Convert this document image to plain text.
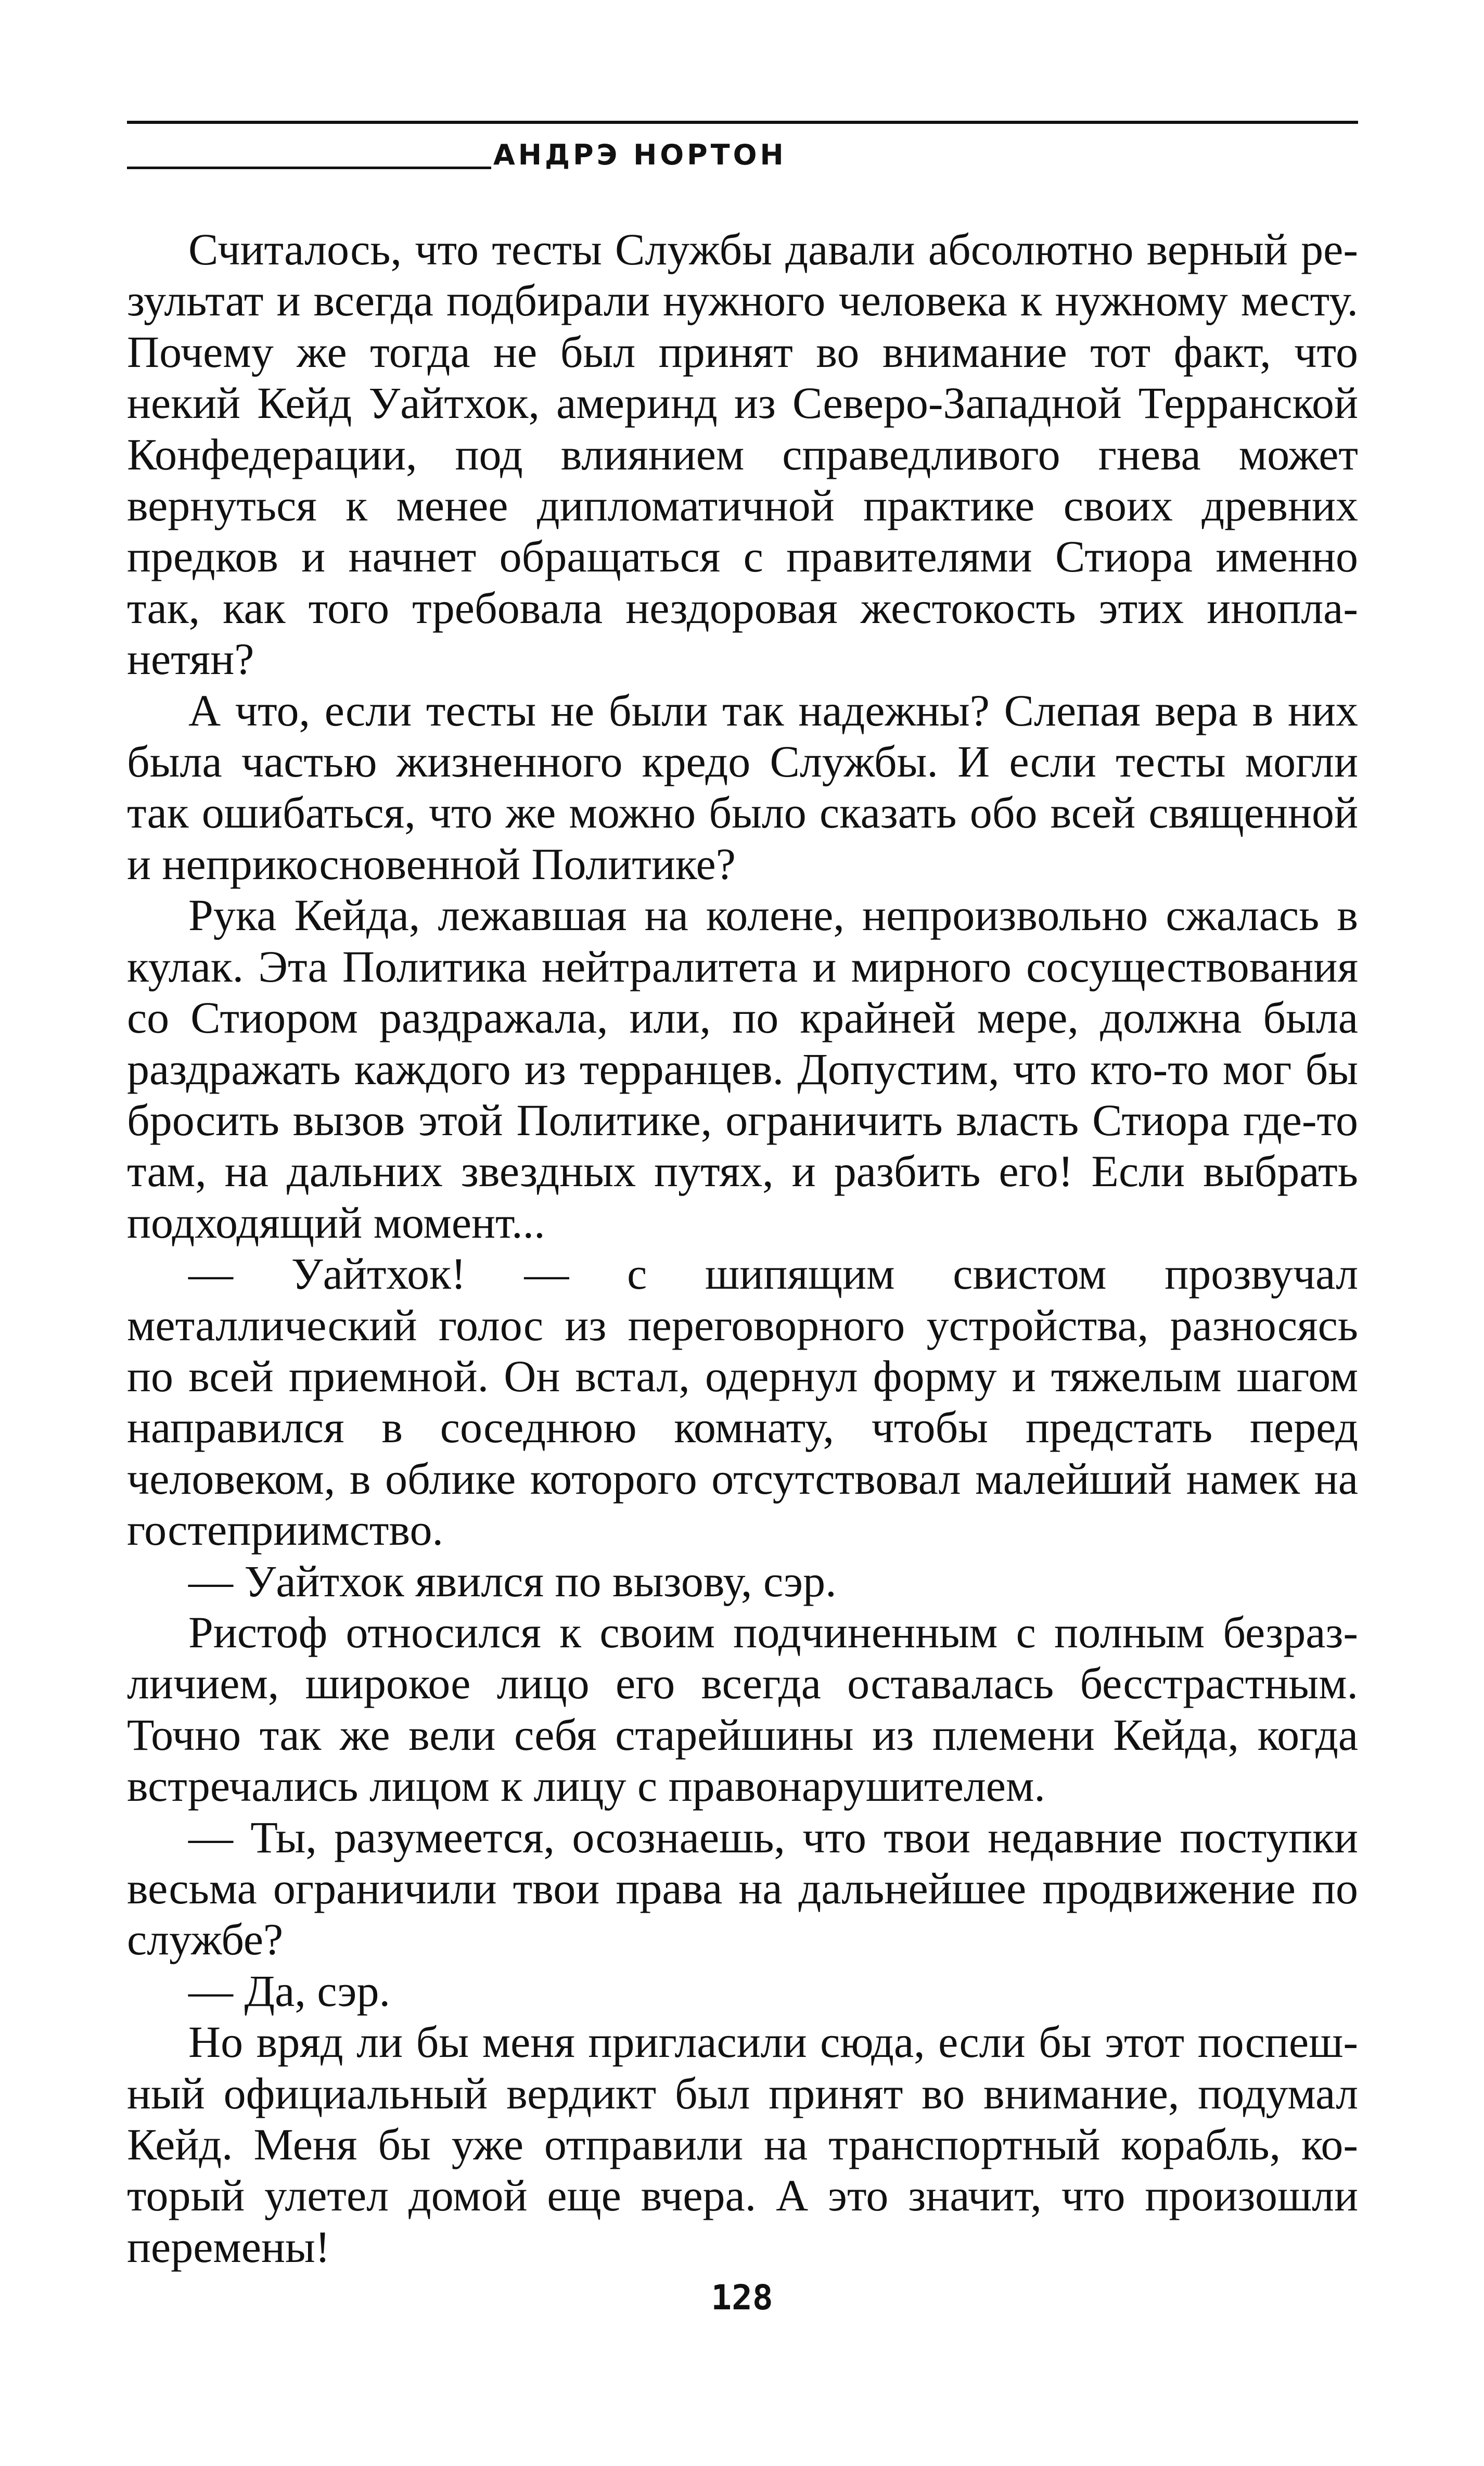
АНДРЭ НОРТОН

Считалось, что тесты Службы давали абсолютно верный результат и всегда подбирали нужного человека к нужному месту. Почему же тогда не был принят во внимание тот факт, что некий Кейд Уайтхок, америнд из Северо-Западной Терранской Конфедерации, под влиянием справедливого гнева может вернуться к менее дипломатичной практике своих древних предков и начнет обращаться с правителями Стиора именно так, как того требовала нездоровая жестокость этих инопланетян?

А что, если тесты не были так надежны? Слепая вера в них была частью жизненного кредо Службы. И если тесты могли так ошибаться, что же можно было сказать обо всей священной и неприкосновенной Политике?

Рука Кейда, лежавшая на колене, непроизвольно сжалась в кулак. Эта Политика нейтралитета и мирного сосуществования со Стиором раздражала, или, по крайней мере, должна была раздражать каждого из терранцев. Допустим, что кто-то мог бы бросить вызов этой Политике, ограничить власть Стиора где-то там, на дальних звездных путях, и разбить его! Если выбрать подходящий момент...

— Уайтхок! — с шипящим свистом прозвучал металлический голос из переговорного устройства, разносясь по всей приемной. Он встал, одернул форму и тяжелым шагом направился в соседнюю комнату, чтобы предстать перед человеком, в облике которого отсутствовал малейший намек на гостеприимство.

— Уайтхок явился по вызову, сэр.

Ристоф относился к своим подчиненным с полным безразличием, широкое лицо его всегда оставалась бесстрастным. Точно так же вели себя старейшины из племени Кейда, когда встречались лицом к лицу с правонарушителем.

— Ты, разумеется, осознаешь, что твои недавние поступки весьма ограничили твои права на дальнейшее продвижение по службе?

— Да, сэр.

Но вряд ли бы меня пригласили сюда, если бы этот поспешный официальный вердикт был принят во внимание, подумал Кейд. Меня бы уже отправили на транспортный корабль, который улетел домой еще вчера. А это значит, что произошли перемены!

128
